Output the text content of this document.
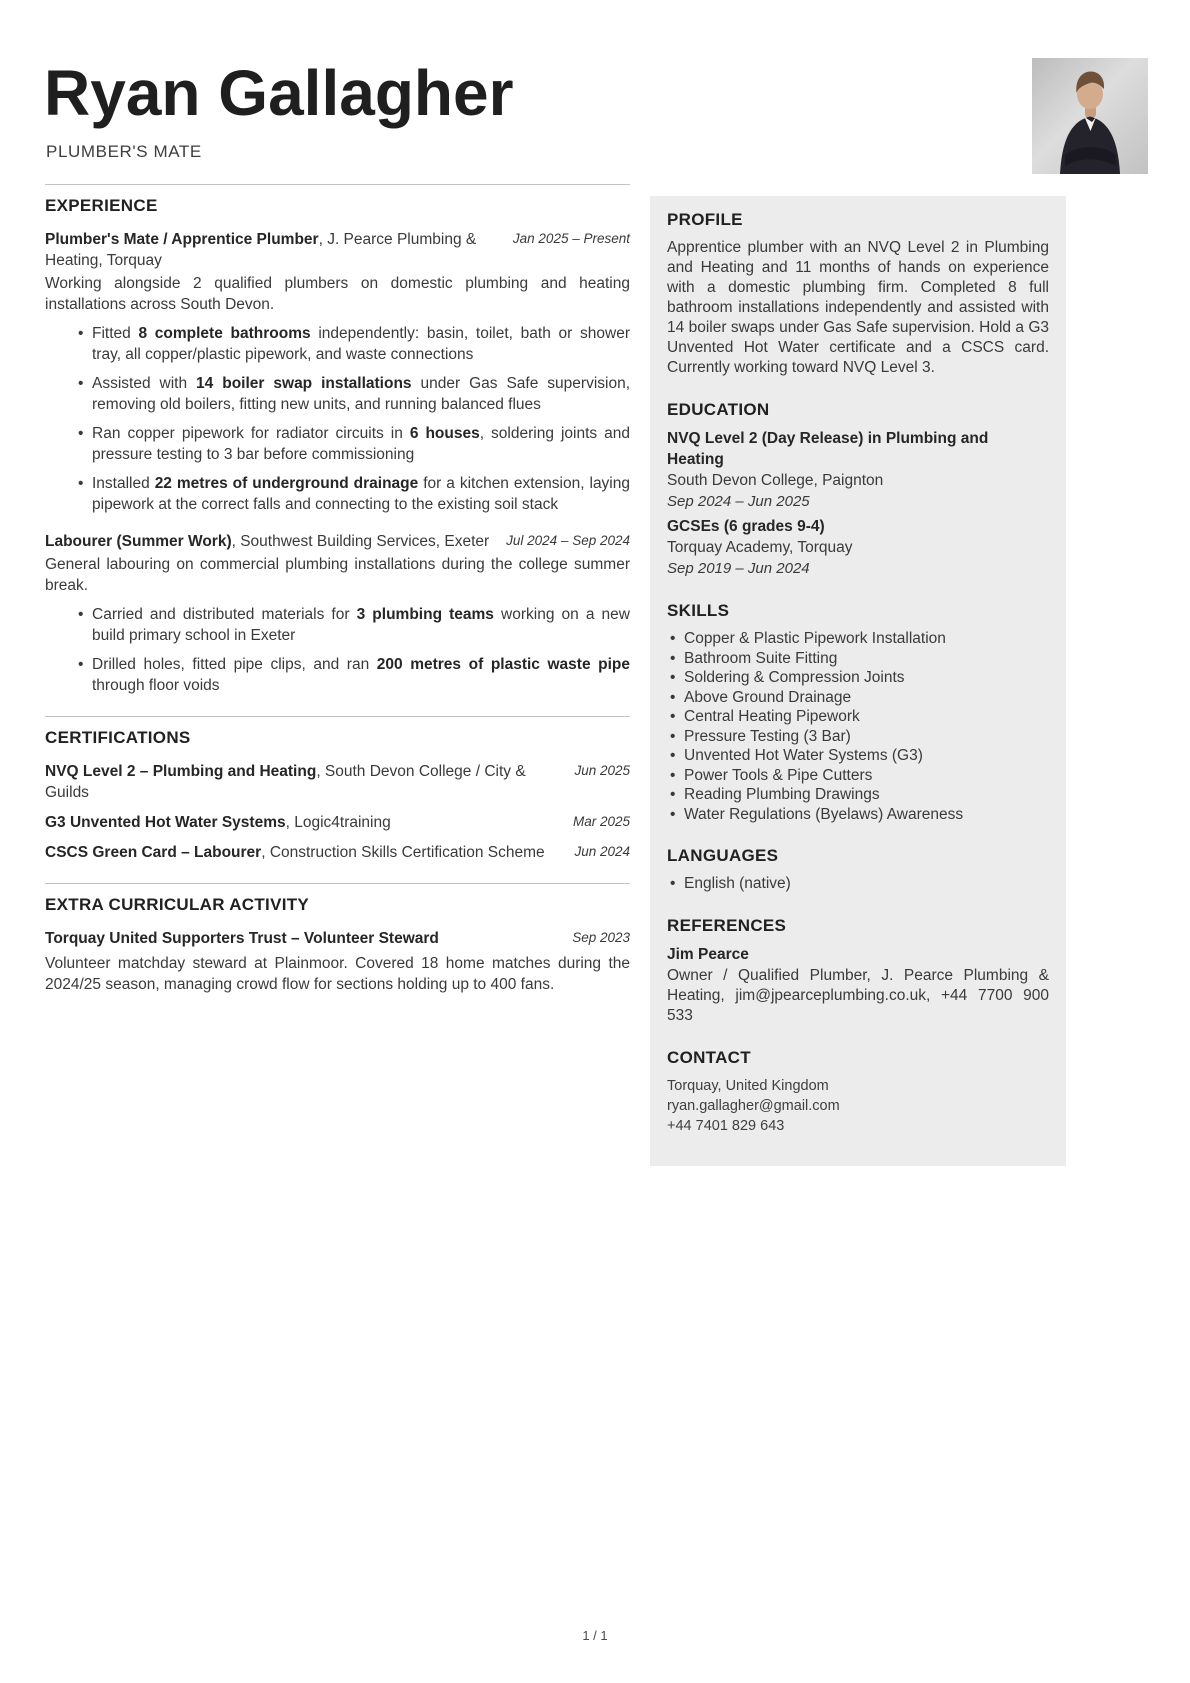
Ryan Gallagher
PLUMBER'S MATE
EXPERIENCE
Plumber's Mate / Apprentice Plumber, J. Pearce Plumbing & Heating, Torquay
Jan 2025 – Present

Working alongside 2 qualified plumbers on domestic plumbing and heating installations across South Devon.

• Fitted 8 complete bathrooms independently: basin, toilet, bath or shower tray, all copper/plastic pipework, and waste connections
• Assisted with 14 boiler swap installations under Gas Safe supervision, removing old boilers, fitting new units, and running balanced flues
• Ran copper pipework for radiator circuits in 6 houses, soldering joints and pressure testing to 3 bar before commissioning
• Installed 22 metres of underground drainage for a kitchen extension, laying pipework at the correct falls and connecting to the existing soil stack
Labourer (Summer Work), Southwest Building Services, Exeter Jul 2024 – Sep 2024

General labouring on commercial plumbing installations during the college summer break.

• Carried and distributed materials for 3 plumbing teams working on a new build primary school in Exeter
• Drilled holes, fitted pipe clips, and ran 200 metres of plastic waste pipe through floor voids
CERTIFICATIONS
NVQ Level 2 – Plumbing and Heating, South Devon College / City & Guilds
Jun 2025
G3 Unvented Hot Water Systems, Logic4training	Mar 2025
CSCS Green Card – Labourer, Construction Skills Certification Scheme	Jun 2024
EXTRA CURRICULAR ACTIVITY
Torquay United Supporters Trust – Volunteer Steward	Sep 2023

Volunteer matchday steward at Plainmoor. Covered 18 home matches during the 2024/25 season, managing crowd flow for sections holding up to 400 fans.

PROFILE

Apprentice plumber with an NVQ Level 2 in Plumbing and Heating and 11 months of hands on experience with a domestic plumbing firm. Completed 8 full bathroom installations independently and assisted with 14 boiler swaps under Gas Safe supervision. Hold a G3 Unvented Hot Water certificate and a CSCS card. Currently working toward NVQ Level 3.

EDUCATION
NVQ Level 2 (Day Release) in Plumbing and Heating
South Devon College, Paignton
Sep 2024 – Jun 2025
GCSEs (6 grades 9-4)
Torquay Academy, Torquay
Sep 2019 – Jun 2024
SKILLS
• Copper & Plastic Pipework Installation
• Bathroom Suite Fitting
• Soldering & Compression Joints
• Above Ground Drainage
• Central Heating Pipework
• Pressure Testing (3 Bar)
• Unvented Hot Water Systems (G3)
• Power Tools & Pipe Cutters
• Reading Plumbing Drawings
• Water Regulations (Byelaws) Awareness
LANGUAGES
• English (native)
REFERENCES
Jim Pearce

Owner / Qualified Plumber, J. Pearce Plumbing & Heating, jim@jpearceplumbing.co.uk, +44 7700 900 533

CONTACT
Torquay, United Kingdom
ryan.gallagher@gmail.com
+44 7401 829 643
1 / 1
